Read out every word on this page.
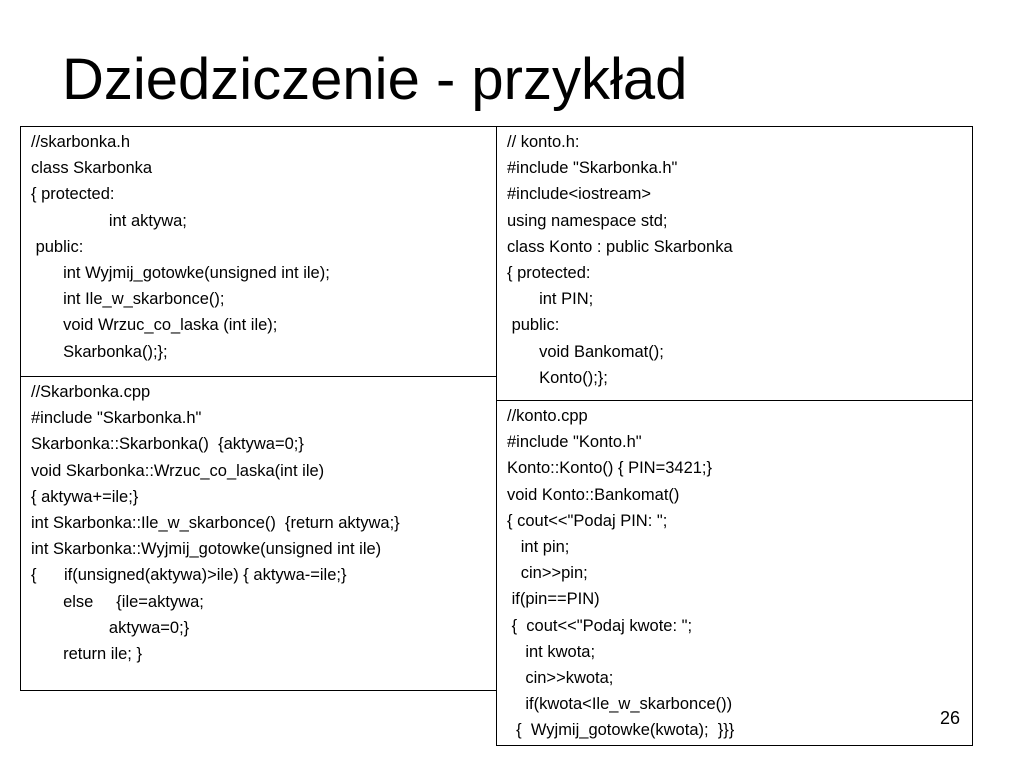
Dziedziczenie - przykład
//skarbonka.h
class Skarbonka
{ protected:
int aktywa;
public:
int Wyjmij_gotowke(unsigned int ile);
int Ile_w_skarbonce();
void Wrzuc_co_laska (int ile);
Skarbonka();};
//Skarbonka.cpp
#include "Skarbonka.h"
Skarbonka::Skarbonka()  {aktywa=0;}
void Skarbonka::Wrzuc_co_laska(int ile)
{ aktywa+=ile;}
int Skarbonka::Ile_w_skarbonce()  {return aktywa;}
int Skarbonka::Wyjmij_gotowke(unsigned int ile)
{      if(unsigned(aktywa)>ile) { aktywa-=ile;}
else     {ile=aktywa;
aktywa=0;}
return ile; }
// konto.h:
#include "Skarbonka.h"
#include<iostream>
using namespace std;
class Konto : public Skarbonka
{ protected:
int PIN;
public:
void Bankomat();
Konto();};
//konto.cpp
#include "Konto.h"
Konto::Konto() { PIN=3421;}
void Konto::Bankomat()
{ cout<<"Podaj PIN: ";
int pin;
cin>>pin;
if(pin==PIN)
{  cout<<"Podaj kwote: ";
int kwota;
cin>>kwota;
if(kwota<Ile_w_skarbonce())
{  Wyjmij_gotowke(kwota);  }}}
26
